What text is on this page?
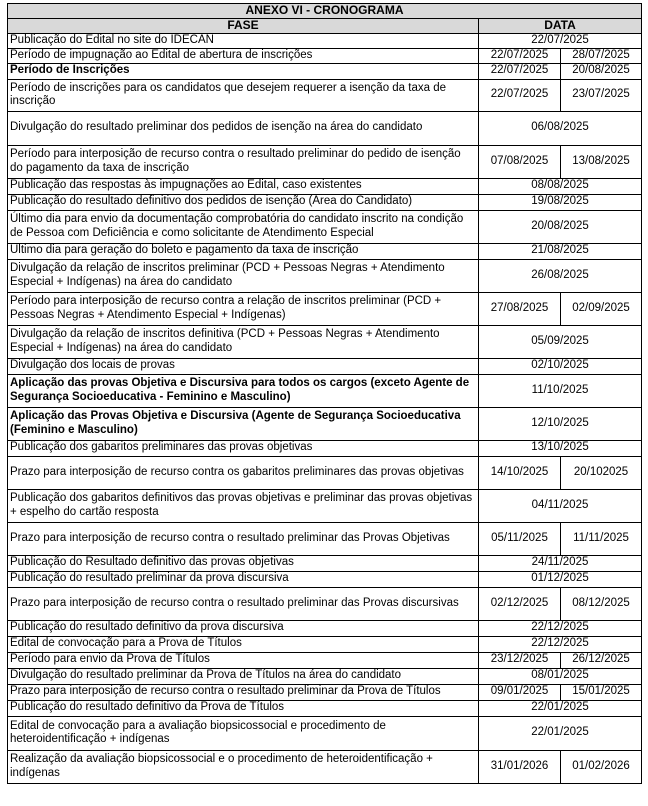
ANEXO VI - CRONOGRAMA		
FASE	DATA	
Publicação do Edital no site do IDECAN	22/07/2025	
Período de impugnação ao Edital de abertura de inscrições	22/07/2025	28/07/2025
Período de Inscrições	22/07/2025	20/08/2025
Período de inscrições para os candidatos que desejem requerer a isenção da taxa de inscrição	22/07/2025	23/07/2025
Divulgação do resultado preliminar dos pedidos de isenção na área do candidato	06/08/2025	
Período para interposição de recurso contra o resultado preliminar do pedido de isenção do pagamento da taxa de inscrição	07/08/2025	13/08/2025
Publicação das respostas às impugnações ao Edital, caso existentes	08/08/2025	
Publicação do resultado definitivo dos pedidos de isenção (Área do Candidato)	19/08/2025	
Último dia para envio da documentação comprobatória do candidato inscrito na condição de Pessoa com Deficiência e como solicitante de Atendimento Especial	20/08/2025	
Último dia para geração do boleto e pagamento da taxa de inscrição	21/08/2025	
Divulgação da relação de inscritos preliminar (PCD + Pessoas Negras + Atendimento Especial + Indígenas) na área do candidato	26/08/2025	
Período para interposição de recurso contra a relação de inscritos preliminar (PCD + Pessoas Negras + Atendimento Especial + Indígenas)	27/08/2025	02/09/2025
Divulgação da relação de inscritos definitiva (PCD + Pessoas Negras + Atendimento Especial + Indígenas) na área do candidato	05/09/2025	
Divulgação dos locais de provas	02/10/2025	
Aplicação das provas Objetiva e Discursiva para todos os cargos (exceto Agente de Segurança Socioeducativa - Feminino e Masculino)	11/10/2025	
Aplicação das Provas Objetiva e Discursiva (Agente de Segurança Socioeducativa (Feminino e Masculino)	12/10/2025	
Publicação dos gabaritos preliminares das provas objetivas	13/10/2025	
Prazo para interposição de recurso contra os gabaritos preliminares das provas objetivas	14/10/2025	20/102025
Publicação dos gabaritos definitivos das provas objetivas e preliminar das provas objetivas + espelho do cartão resposta	04/11/2025	
Prazo para interposição de recurso contra o resultado preliminar das Provas Objetivas	05/11/2025	11/11/2025
Publicação do Resultado definitivo das provas objetivas	24/11/2025	
Publicação do resultado preliminar da prova discursiva	01/12/2025	
Prazo para interposição de recurso contra o resultado preliminar das Provas discursivas	02/12/2025	08/12/2025
Publicação do resultado definitivo da prova discursiva	22/12/2025	
Edital de convocação para a Prova de Títulos	22/12/2025	
Período para envio da Prova de Títulos	23/12/2025	26/12/2025
Divulgação do resultado preliminar da Prova de Títulos na área do candidato	08/01/2025	
Prazo para interposição de recurso contra o resultado preliminar da Prova de Títulos	09/01/2025	15/01/2025
Publicação do resultado definitivo da Prova de Títulos	22/01/2025	
Edital de convocação para a avaliação biopsicossocial e procedimento de heteroidentificação + indígenas	22/01/2025	
Realização da avaliação biopsicossocial e o procedimento de heteroidentificação + indígenas	31/01/2026	01/02/2026
